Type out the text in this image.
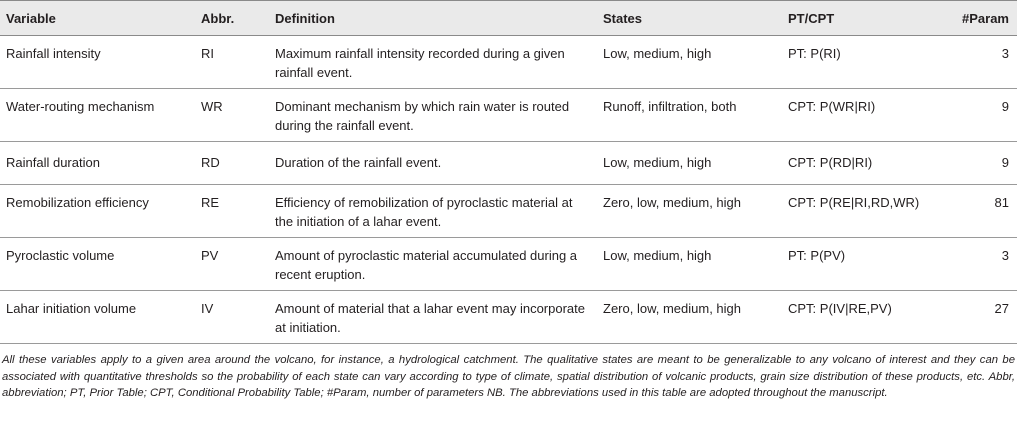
Variable	Abbr.	Definition	States	PT/CPT	#Param
Rainfall intensity	RI	Maximum rainfall intensity recorded during a given rainfall event.	Low, medium, high	PT: P(RI)	3
Water-routing mechanism	WR	Dominant mechanism by which rain water is routed during the rainfall event.	Runoff, infiltration, both	CPT: P(WR|RI)	9
Rainfall duration	RD	Duration of the rainfall event.	Low, medium, high	CPT: P(RD|RI)	9
Remobilization efficiency	RE	Efficiency of remobilization of pyroclastic material at the initiation of a lahar event.	Zero, low, medium, high	CPT: P(RE|RI,RD,WR)	81
Pyroclastic volume	PV	Amount of pyroclastic material accumulated during a recent eruption.	Low, medium, high	PT: P(PV)	3
Lahar initiation volume	IV	Amount of material that a lahar event may incorporate at initiation.	Zero, low, medium, high	CPT: P(IV|RE,PV)	27
All these variables apply to a given area around the volcano, for instance, a hydrological catchment. The qualitative states are meant to be generalizable to any volcano of interest and they can be associated with quantitative thresholds so the probability of each state can vary according to type of climate, spatial distribution of volcanic products, grain size distribution of these products, etc. Abbr, abbreviation; PT, Prior Table; CPT, Conditional Probability Table; #Param, number of parameters NB. The abbreviations used in this table are adopted throughout the manuscript.
